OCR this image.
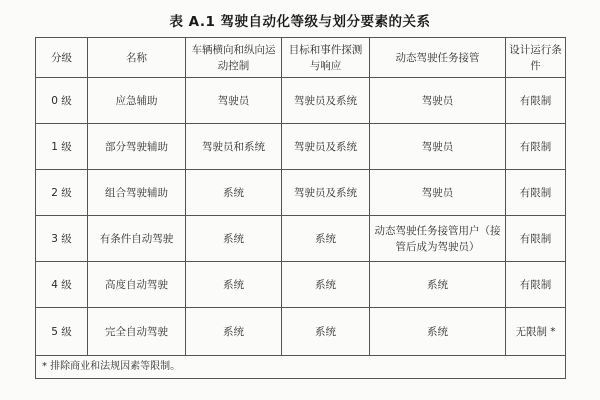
表 A.1 驾驶自动化等级与划分要素的关系
分级	名称	车辆横向和纵向运动控制	目标和事件探测与响应	动态驾驶任务接管	设计运行条件
0 级	应急辅助	驾驶员	驾驶员及系统	驾驶员	有限制
1 级	部分驾驶辅助	驾驶员和系统	驾驶员及系统	驾驶员	有限制
2 级	组合驾驶辅助	系统	驾驶员及系统	驾驶员	有限制
3 级	有条件自动驾驶	系统	系统	动态驾驶任务接管用户（接管后成为驾驶员）	有限制
4 级	高度自动驾驶	系统	系统	系统	有限制
5 级	完全自动驾驶	系统	系统	系统	无限制 *
* 排除商业和法规因素等限制。					
